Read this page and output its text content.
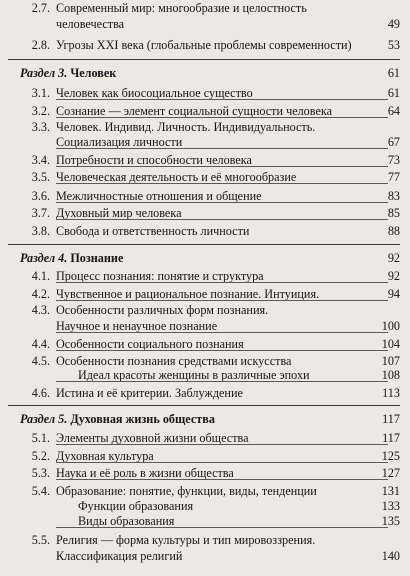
2.7. Современный мир: многообразие и целостность
человечества	49
2.8. Угрозы XXI века (глобальные проблемы современности)	53
Раздел 3. Человек	61
3.1. Человек как биосоциальное существо	61
3.2. Сознание — элемент социальной сущности человека	64
3.3. Человек. Индивид. Личность. Индивидуальность.
Социализация личности	67
3.4. Потребности и способности человека	73
3.5. Человеческая деятельность и её многообразие	77
3.6. Межличностные отношения и общение	83
3.7. Духовный мир человека	85
3.8. Свобода и ответственность личности	88
Раздел 4. Познание	92
4.1. Процесс познания: понятие и структура	92
4.2. Чувственное и рациональное познание. Интуиция.	94
4.3. Особенности различных форм познания.
Научное и ненаучное познание	100
4.4. Особенности социального познания	104
4.5. Особенности познания средствами искусства	107
Идеал красоты женщины в различные эпохи	108
4.6. Истина и её критерии. Заблуждение	113
Раздел 5. Духовная жизнь общества	117
5.1. Элементы духовной жизни общества	117
5.2. Духовная культура	125
5.3. Наука и её роль в жизни общества	127
5.4. Образование: понятие, функции, виды, тенденции	131
Функции образования	133
Виды образования	135
5.5. Религия — форма культуры и тип мировоззрения.
Классификация религий	140
